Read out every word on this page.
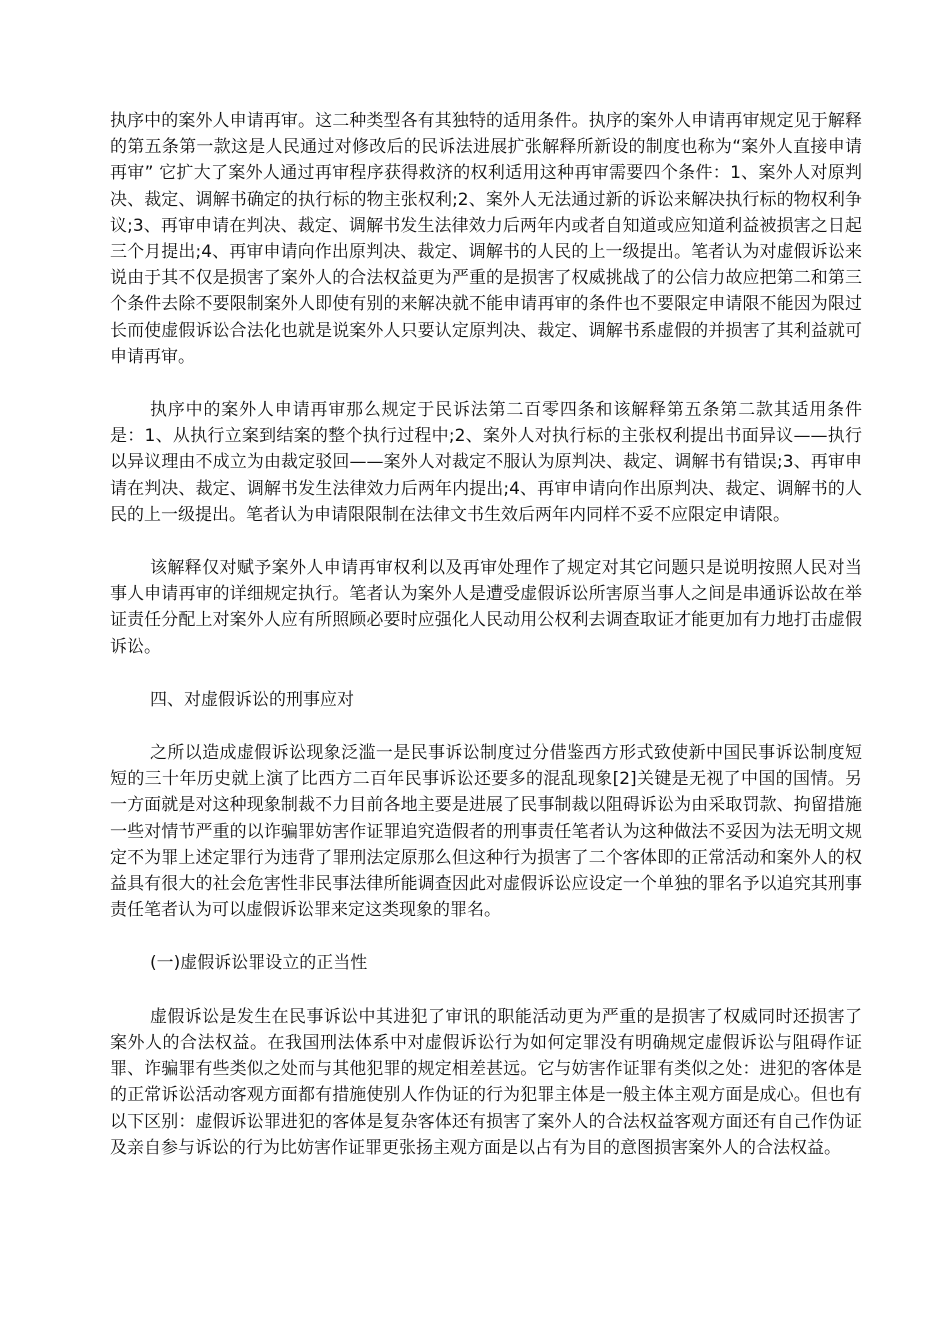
执序中的案外人申请再审。这二种类型各有其独特的适用条件。执序的案外人申请再审规定见于解释的第五条第一款这是人民通过对修改后的民诉法进展扩张解释所新设的制度也称为“案外人直接申请再审” 它扩大了案外人通过再审程序获得救济的权利适用这种再审需要四个条件：1、案外人对原判决、裁定、调解书确定的执行标的物主张权利;2、案外人无法通过新的诉讼来解决执行标的物权利争议;3、再审申请在判决、裁定、调解书发生法律效力后两年内或者自知道或应知道利益被损害之日起三个月提出;4、再审申请向作出原判决、裁定、调解书的人民的上一级提出。笔者认为对虚假诉讼来说由于其不仅是损害了案外人的合法权益更为严重的是损害了权威挑战了的公信力故应把第二和第三个条件去除不要限制案外人即使有别的来解决就不能申请再审的条件也不要限定申请限不能因为限过长而使虚假诉讼合法化也就是说案外人只要认定原判决、裁定、调解书系虚假的并损害了其利益就可申请再审。

执序中的案外人申请再审那么规定于民诉法第二百零四条和该解释第五条第二款其适用条件是：1、从执行立案到结案的整个执行过程中;2、案外人对执行标的主张权利提出书面异议——执行以异议理由不成立为由裁定驳回——案外人对裁定不服认为原判决、裁定、调解书有错误;3、再审申请在判决、裁定、调解书发生法律效力后两年内提出;4、再审申请向作出原判决、裁定、调解书的人民的上一级提出。笔者认为申请限限制在法律文书生效后两年内同样不妥不应限定申请限。

该解释仅对赋予案外人申请再审权利以及再审处理作了规定对其它问题只是说明按照人民对当事人申请再审的详细规定执行。笔者认为案外人是遭受虚假诉讼所害原当事人之间是串通诉讼故在举证责任分配上对案外人应有所照顾必要时应强化人民动用公权利去调查取证才能更加有力地打击虚假诉讼。

四、对虚假诉讼的刑事应对

之所以造成虚假诉讼现象泛滥一是民事诉讼制度过分借鉴西方形式致使新中国民事诉讼制度短短的三十年历史就上演了比西方二百年民事诉讼还要多的混乱现象[2]关键是无视了中国的国情。另一方面就是对这种现象制裁不力目前各地主要是进展了民事制裁以阻碍诉讼为由采取罚款、拘留措施一些对情节严重的以诈骗罪妨害作证罪追究造假者的刑事责任笔者认为这种做法不妥因为法无明文规定不为罪上述定罪行为违背了罪刑法定原那么但这种行为损害了二个客体即的正常活动和案外人的权益具有很大的社会危害性非民事法律所能调查因此对虚假诉讼应设定一个单独的罪名予以追究其刑事责任笔者认为可以虚假诉讼罪来定这类现象的罪名。

(一)虚假诉讼罪设立的正当性

虚假诉讼是发生在民事诉讼中其进犯了审讯的职能活动更为严重的是损害了权威同时还损害了案外人的合法权益。在我国刑法体系中对虚假诉讼行为如何定罪没有明确规定虚假诉讼与阻碍作证罪、诈骗罪有些类似之处而与其他犯罪的规定相差甚远。它与妨害作证罪有类似之处：进犯的客体是的正常诉讼活动客观方面都有措施使别人作伪证的行为犯罪主体是一般主体主观方面是成心。但也有以下区别：虚假诉讼罪进犯的客体是复杂客体还有损害了案外人的合法权益客观方面还有自己作伪证及亲自参与诉讼的行为比妨害作证罪更张扬主观方面是以占有为目的意图损害案外人的合法权益。
